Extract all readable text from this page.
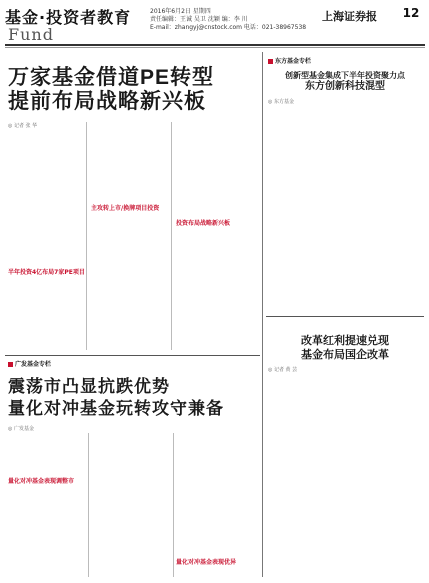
基金·投资者教育
Fund
2016年6月2日 星期四
责任编辑：王诚 吴卫 沈颖 编：李 川
E-mail：zhangyj@cnstock.com 电话：021-38967538
上海证券报 12
万家基金借道PE转型
提前布局战略新兴板
◎ 记者 张 华
半年投资4亿布局7家PE项目
主攻转上市/换牌项目投资
投资布局战略新兴板
东方基金专栏
创新型基金集成下半年投资聚力点
东方创新科技混型
◎ 东方基金
改革红利提速兑现
基金布局国企改革
◎ 记者 黄 芸
广发基金专栏
震荡市凸显抗跌优势
量化对冲基金玩转攻守兼备
◎ 广发基金
量化对冲基金表现调整市
量化对冲基金表现优异
